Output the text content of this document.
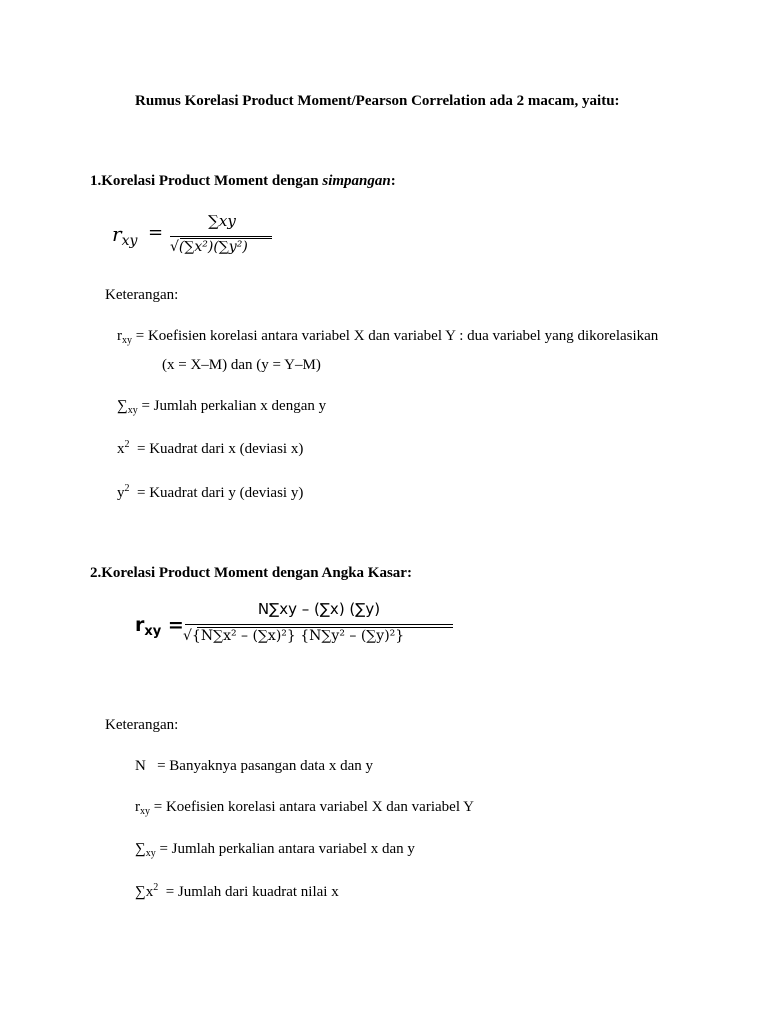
Rumus Korelasi Product Moment/Pearson Correlation ada 2 macam, yaitu:
1.Korelasi Product Moment dengan simpangan:
$r_{xy}$ =
∑xy
√(∑x²)(∑y²)
Keterangan:
$r_{xy}$ = Koefisien korelasi antara variabel X dan variabel Y : dua variabel yang dikorelasikan
(x = X–M) dan (y = Y–M)
$\sum_{xy}$ = Jumlah perkalian x dengan y
$x^2$  = Kuadrat dari x (deviasi x)
$y^2$  = Kuadrat dari y (deviasi y)
2.Korelasi Product Moment dengan Angka Kasar:
$r_{xy}$ =
N∑xy – (∑x) (∑y)
√{N∑x² – (∑x)²} {N∑y² – (∑y)²}
Keterangan:
N   = Banyaknya pasangan data x dan y
$r_{xy}$ = Koefisien korelasi antara variabel X dan variabel Y
$\sum_{xy}$ = Jumlah perkalian antara variabel x dan y
$\sum x^2$  = Jumlah dari kuadrat nilai x
